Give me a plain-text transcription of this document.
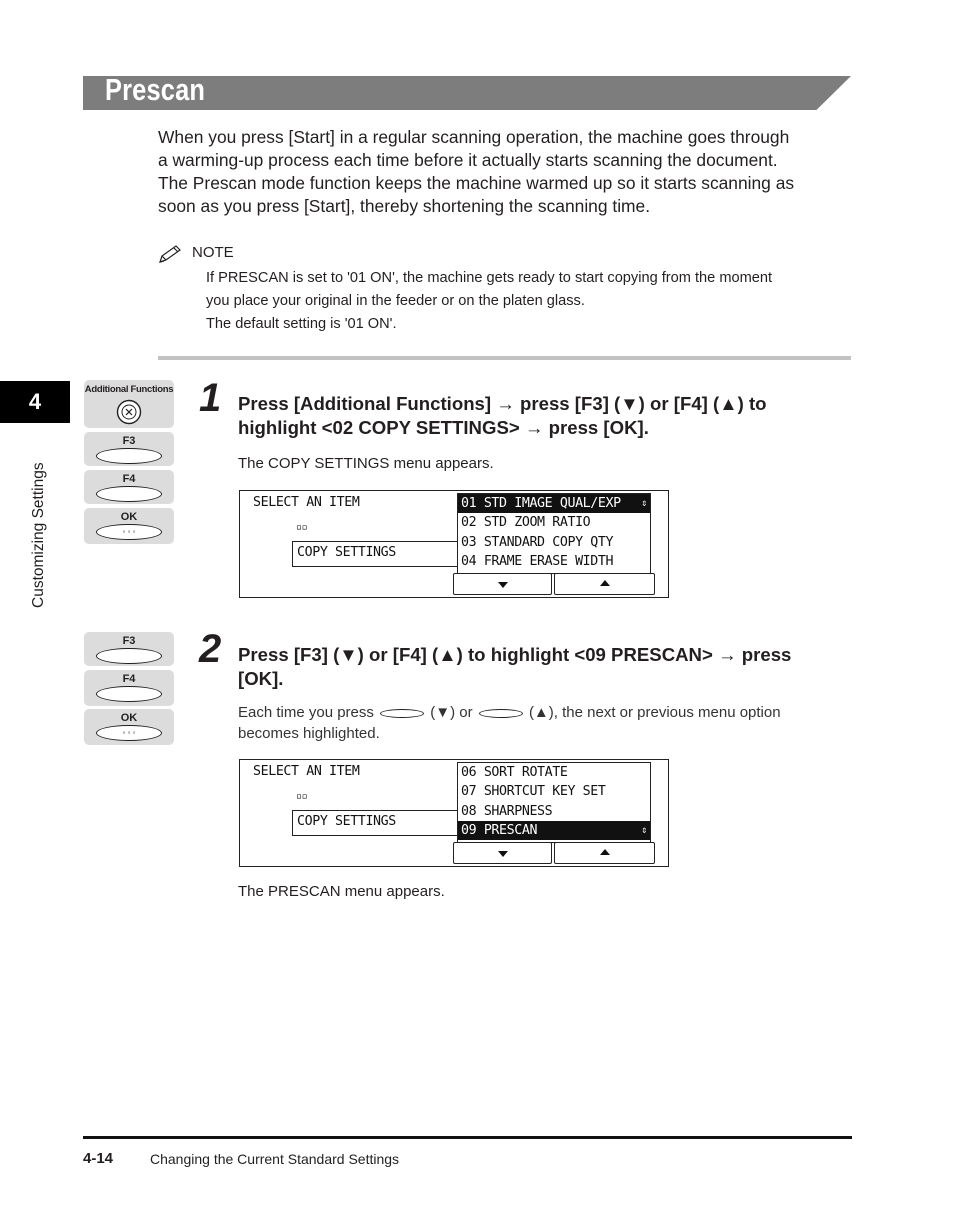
Prescan

When you press [Start] in a regular scanning operation, the machine goes through

a warming-up process each time before it actually starts scanning the document.

The Prescan mode function keeps the machine warmed up so it starts scanning as

soon as you press [Start], thereby shortening the scanning time.

NOTE

If PRESCAN is set to '01 ON', the machine gets ready to start copying from the moment

you place your original in the feeder or on the platen glass.

The default setting is '01 ON'.

4
Customizing Settings
Additional Functions
F3
F4
OK
◦ ◦ ◦
1 Press [Additional Functions] → press [F3] (▼) or [F4] (▲) to
highlight <02 COPY SETTINGS> → press [OK].
The COPY SETTINGS menu appears.
SELECT AN ITEM
▫▫
COPY SETTINGS
01 STD IMAGE QUAL/EXP ⇕
02 STD ZOOM RATIO
03 STANDARD COPY QTY
04 FRAME ERASE WIDTH
F3
F4
OK
◦ ◦ ◦
2 Press [F3] (▼) or [F4] (▲) to highlight <09 PRESCAN> → press
[OK].
Each time you press	(▼) or	(▲), the next or previous menu option
becomes highlighted.
SELECT AN ITEM
▫▫
COPY SETTINGS
06 SORT ROTATE
07 SHORTCUT KEY SET
08 SHARPNESS
09 PRESCAN	⇕
The PRESCAN menu appears.
4-14	Changing the Current Standard Settings
